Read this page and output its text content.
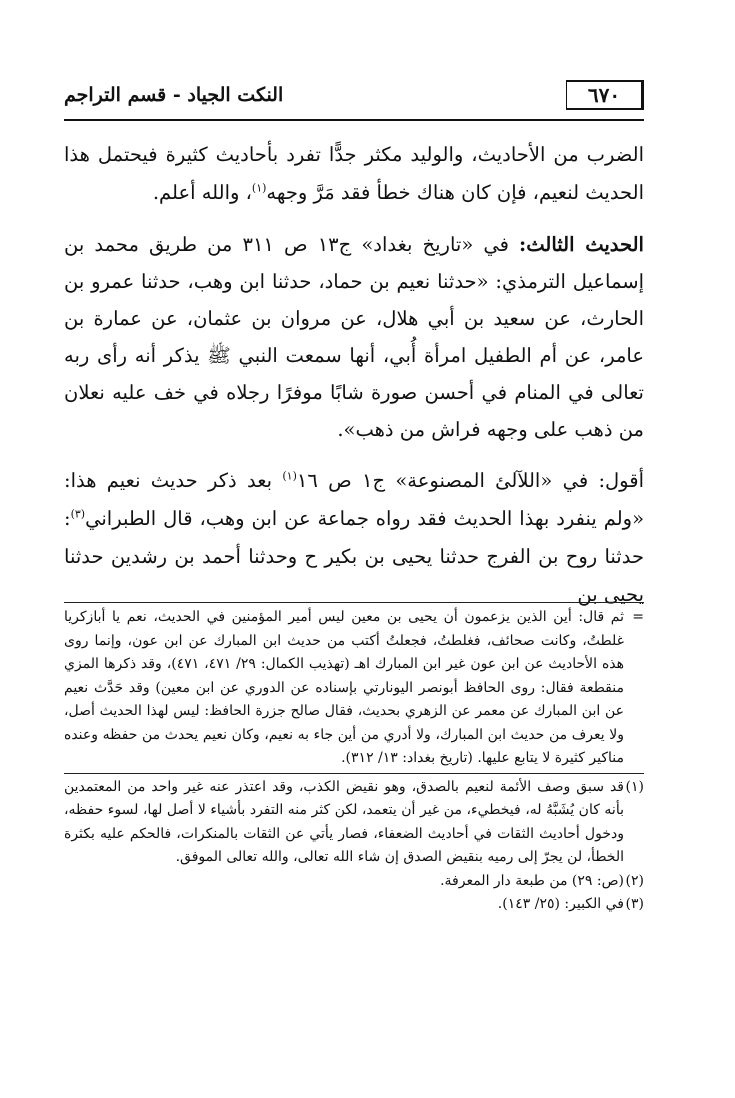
٦٧٠
النكت الجياد - قسم التراجم

الضرب من الأحاديث، والوليد مكثر جدًّا تفرد بأحاديث كثيرة فيحتمل هذا الحديث لنعيم، فإن كان هناك خطأ فقد مَرَّ وجهه$^{(١)}$، والله أعلم.

الحديث الثالث: في «تاريخ بغداد» ج١٣ ص ٣١١ من طريق محمد بن إسماعيل الترمذي: «حدثنا نعيم بن حماد، حدثنا ابن وهب، حدثنا عمرو بن الحارث، عن سعيد بن أبي هلال، عن مروان بن عثمان، عن عمارة بن عامر، عن أم الطفيل امرأة أُبي، أنها سمعت النبي ﷺ يذكر أنه رأى ربه تعالى في المنام في أحسن صورة شابًا موفرًا رجلاه في خف عليه نعلان من ذهب على وجهه فراش من ذهب».

أقول: في «اللآلئ المصنوعة» ج١ ص ١٦$^{(١)}$ بعد ذكر حديث نعيم هذا: «ولم ينفرد بهذا الحديث فقد رواه جماعة عن ابن وهب، قال الطبراني$^{(٣)}$: حدثنا روح بن الفرج حدثنا يحيى بن بكير ح وحدثنا أحمد بن رشدين حدثنا يحيى بن

=
ثم قال: أين الذين يزعمون أن يحيى بن معين ليس أمير المؤمنين في الحديث، نعم يا أبازكريا غلطتُ، وكانت صحائف، فغلطتُ، فجعلتُ أكتب من حديث ابن المبارك عن ابن عون، وإنما روى هذه الأحاديث عن ابن عون غير ابن المبارك اهـ (تهذيب الكمال: ٢٩/ ٤٧١، ٤٧١)، وقد ذكرها المزي منقطعة فقال: روى الحافظ أبونصر اليونارتي بإسناده عن الدوري عن ابن معين) وقد حَدَّث نعيم عن ابن المبارك عن معمر عن الزهري بحديث، فقال صالح جزرة الحافظ: ليس لهذا الحديث أصل، ولا يعرف من حديث ابن المبارك، ولا أدري من أين جاء به نعيم، وكان نعيم يحدث من حفظه وعنده مناكير كثيرة لا يتابع عليها. (تاريخ بغداد: ١٣/ ٣١٢).

(١)
قد سبق وصف الأئمة لنعيم بالصدق، وهو نقيض الكذب، وقد اعتذر عنه غير واحد من المعتمدين بأنه كان يُشَبَّهُ له، فيخطيء، من غير أن يتعمد، لكن كثر منه التفرد بأشياء لا أصل لها، لسوء حفظه، ودخول أحاديث الثقات في أحاديث الضعفاء، فصار يأتي عن الثقات بالمنكرات، فالحكم عليه بكثرة الخطأ، لن يجرّ إلى رميه بنقيض الصدق إن شاء الله تعالى، والله تعالى الموفق.

(٢)
(ص: ٢٩) من طبعة دار المعرفة.

(٣)
في الكبير: (٢٥/ ١٤٣).
